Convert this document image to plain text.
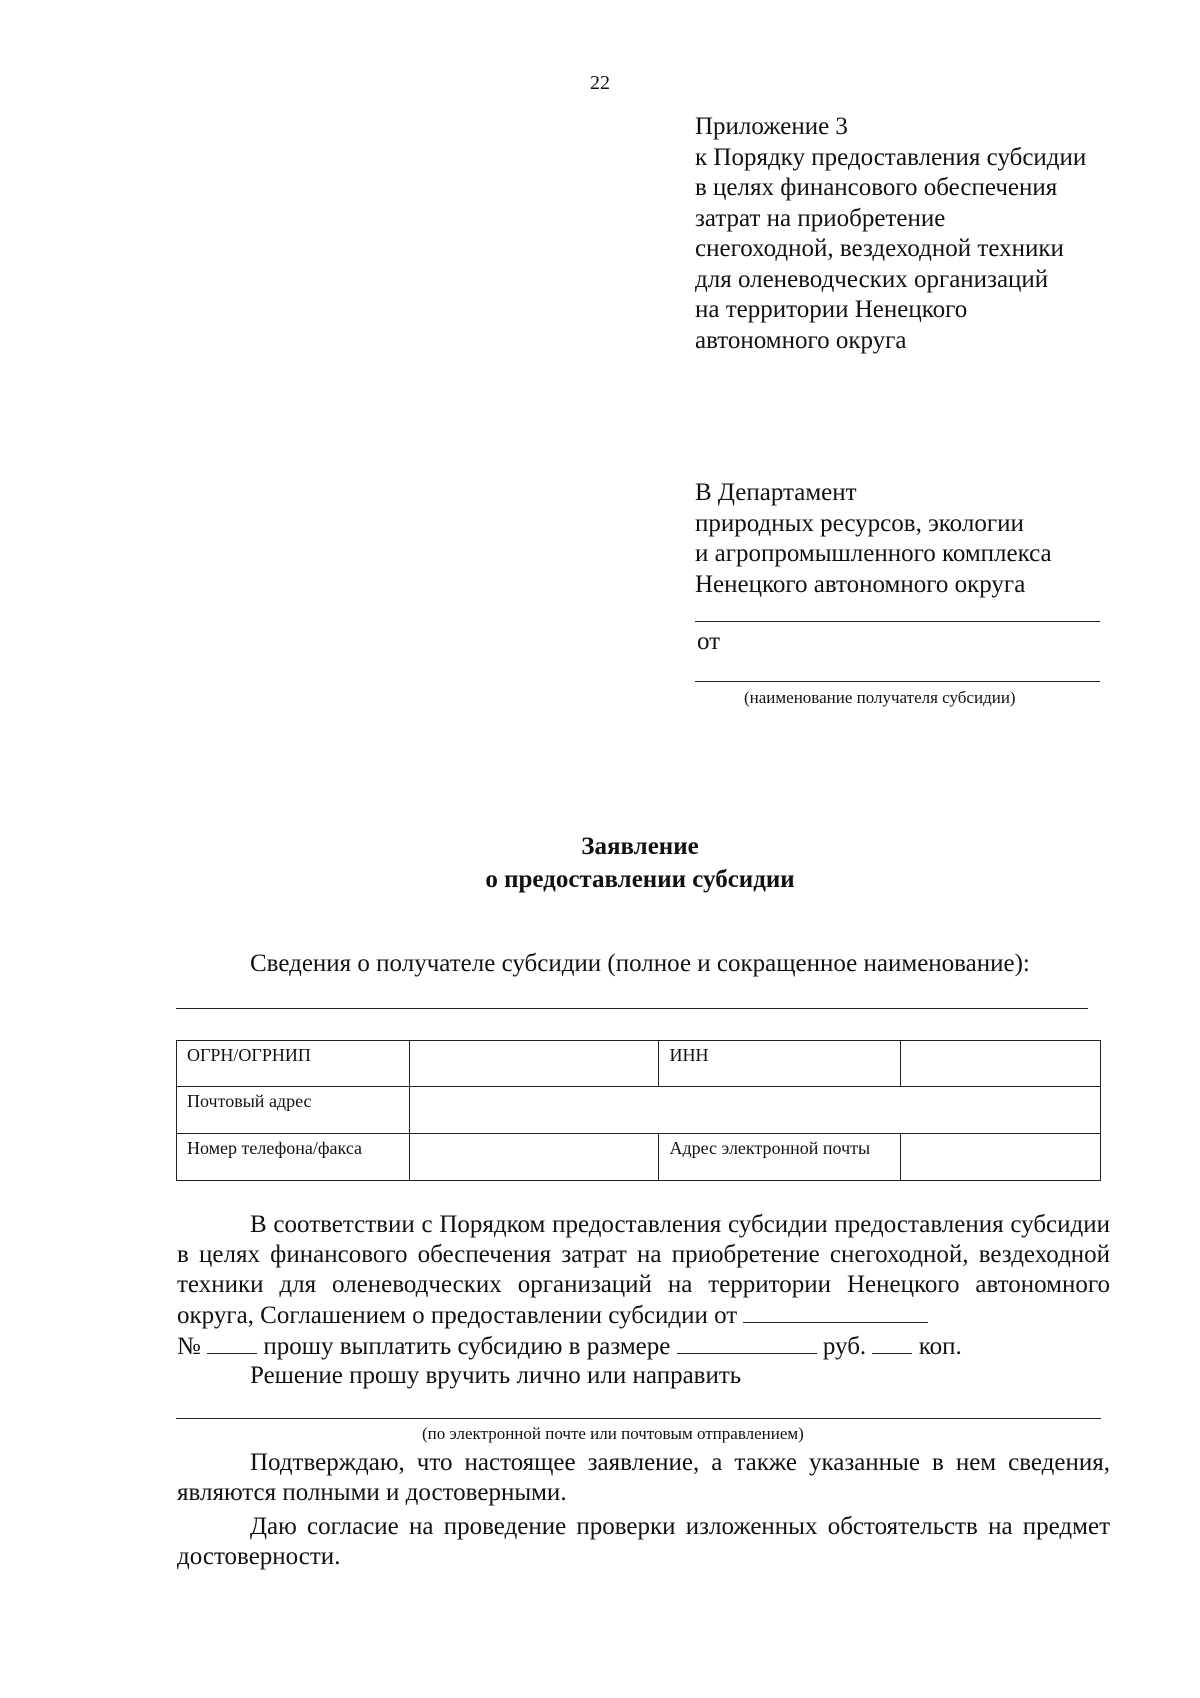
22
Приложение 3
к Порядку предоставления субсидии
в целях финансового обеспечения
затрат на приобретение
снегоходной, вездеходной техники
для оленеводческих организаций
на территории Ненецкого
автономного округа
В Департамент
природных ресурсов, экологии
и агропромышленного комплекса
Ненецкого автономного округа
от
(наименование получателя субсидии)
Заявление
о предоставлении субсидии
Сведения о получателе субсидии (полное и сокращенное наименование):
ОГРН/ОГРНИП		ИНН	
Почтовый адрес			
Номер телефона/факса		Адрес электронной почты	
В соответствии с Порядком предоставления субсидии предоставления субсидии в целях финансового обеспечения затрат на приобретение снегоходной, вездеходной техники для оленеводческих организаций на территории Ненецкого автономного округа, Соглашением о предоставлении субсидии от
№	прошу выплатить субсидию в размере	руб. коп.
Решение прошу вручить лично или направить
(по электронной почте или почтовым отправлением)
Подтверждаю, что настоящее заявление, а также указанные в нем сведения, являются полными и достоверными.
Даю согласие на проведение проверки изложенных обстоятельств на предмет достоверности.
